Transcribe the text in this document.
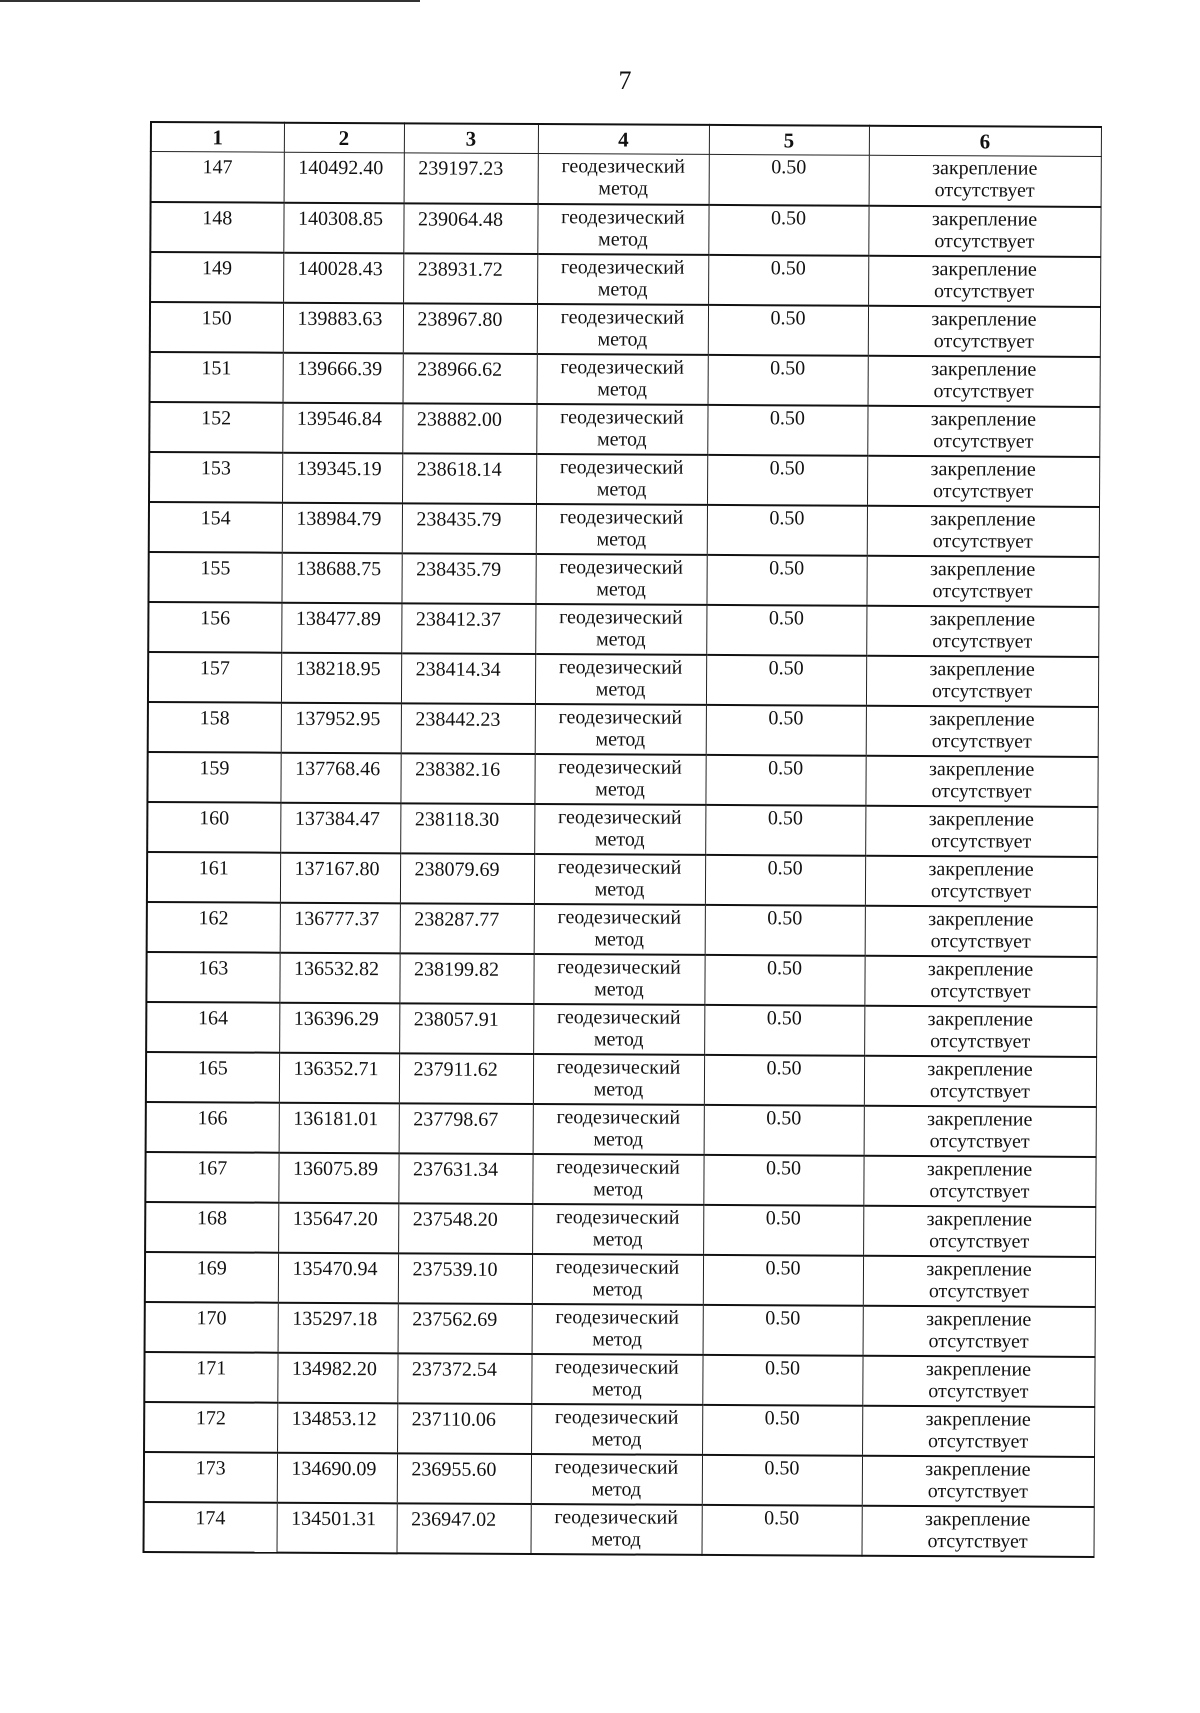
7
1	2	3	4	5	6
147	140492.40	239197.23	геодезический
метод	0.50	закрепление
отсутствует

148	140308.85	239064.48	геодезический
метод	0.50	закрепление
отсутствует

149	140028.43	238931.72	геодезический
метод	0.50	закрепление
отсутствует

150	139883.63	238967.80	геодезический
метод	0.50	закрепление
отсутствует

151	139666.39	238966.62	геодезический
метод	0.50	закрепление
отсутствует

152	139546.84	238882.00	геодезический
метод	0.50	закрепление
отсутствует

153	139345.19	238618.14	геодезический
метод	0.50	закрепление
отсутствует

154	138984.79	238435.79	геодезический
метод	0.50	закрепление
отсутствует

155	138688.75	238435.79	геодезический
метод	0.50	закрепление
отсутствует

156	138477.89	238412.37	геодезический
метод	0.50	закрепление
отсутствует

157	138218.95	238414.34	геодезический
метод	0.50	закрепление
отсутствует

158	137952.95	238442.23	геодезический
метод	0.50	закрепление
отсутствует

159	137768.46	238382.16	геодезический
метод	0.50	закрепление
отсутствует

160	137384.47	238118.30	геодезический
метод	0.50	закрепление
отсутствует

161	137167.80	238079.69	геодезический
метод	0.50	закрепление
отсутствует

162	136777.37	238287.77	геодезический
метод	0.50	закрепление
отсутствует

163	136532.82	238199.82	геодезический
метод	0.50	закрепление
отсутствует

164	136396.29	238057.91	геодезический
метод	0.50	закрепление
отсутствует

165	136352.71	237911.62	геодезический
метод	0.50	закрепление
отсутствует

166	136181.01	237798.67	геодезический
метод	0.50	закрепление
отсутствует

167	136075.89	237631.34	геодезический
метод	0.50	закрепление
отсутствует

168	135647.20	237548.20	геодезический
метод	0.50	закрепление
отсутствует

169	135470.94	237539.10	геодезический
метод	0.50	закрепление
отсутствует

170	135297.18	237562.69	геодезический
метод	0.50	закрепление
отсутствует

171	134982.20	237372.54	геодезический
метод	0.50	закрепление
отсутствует

172	134853.12	237110.06	геодезический
метод	0.50	закрепление
отсутствует

173	134690.09	236955.60	геодезический
метод	0.50	закрепление
отсутствует

174	134501.31	236947.02	геодезический
метод	0.50	закрепление
отсутствует
